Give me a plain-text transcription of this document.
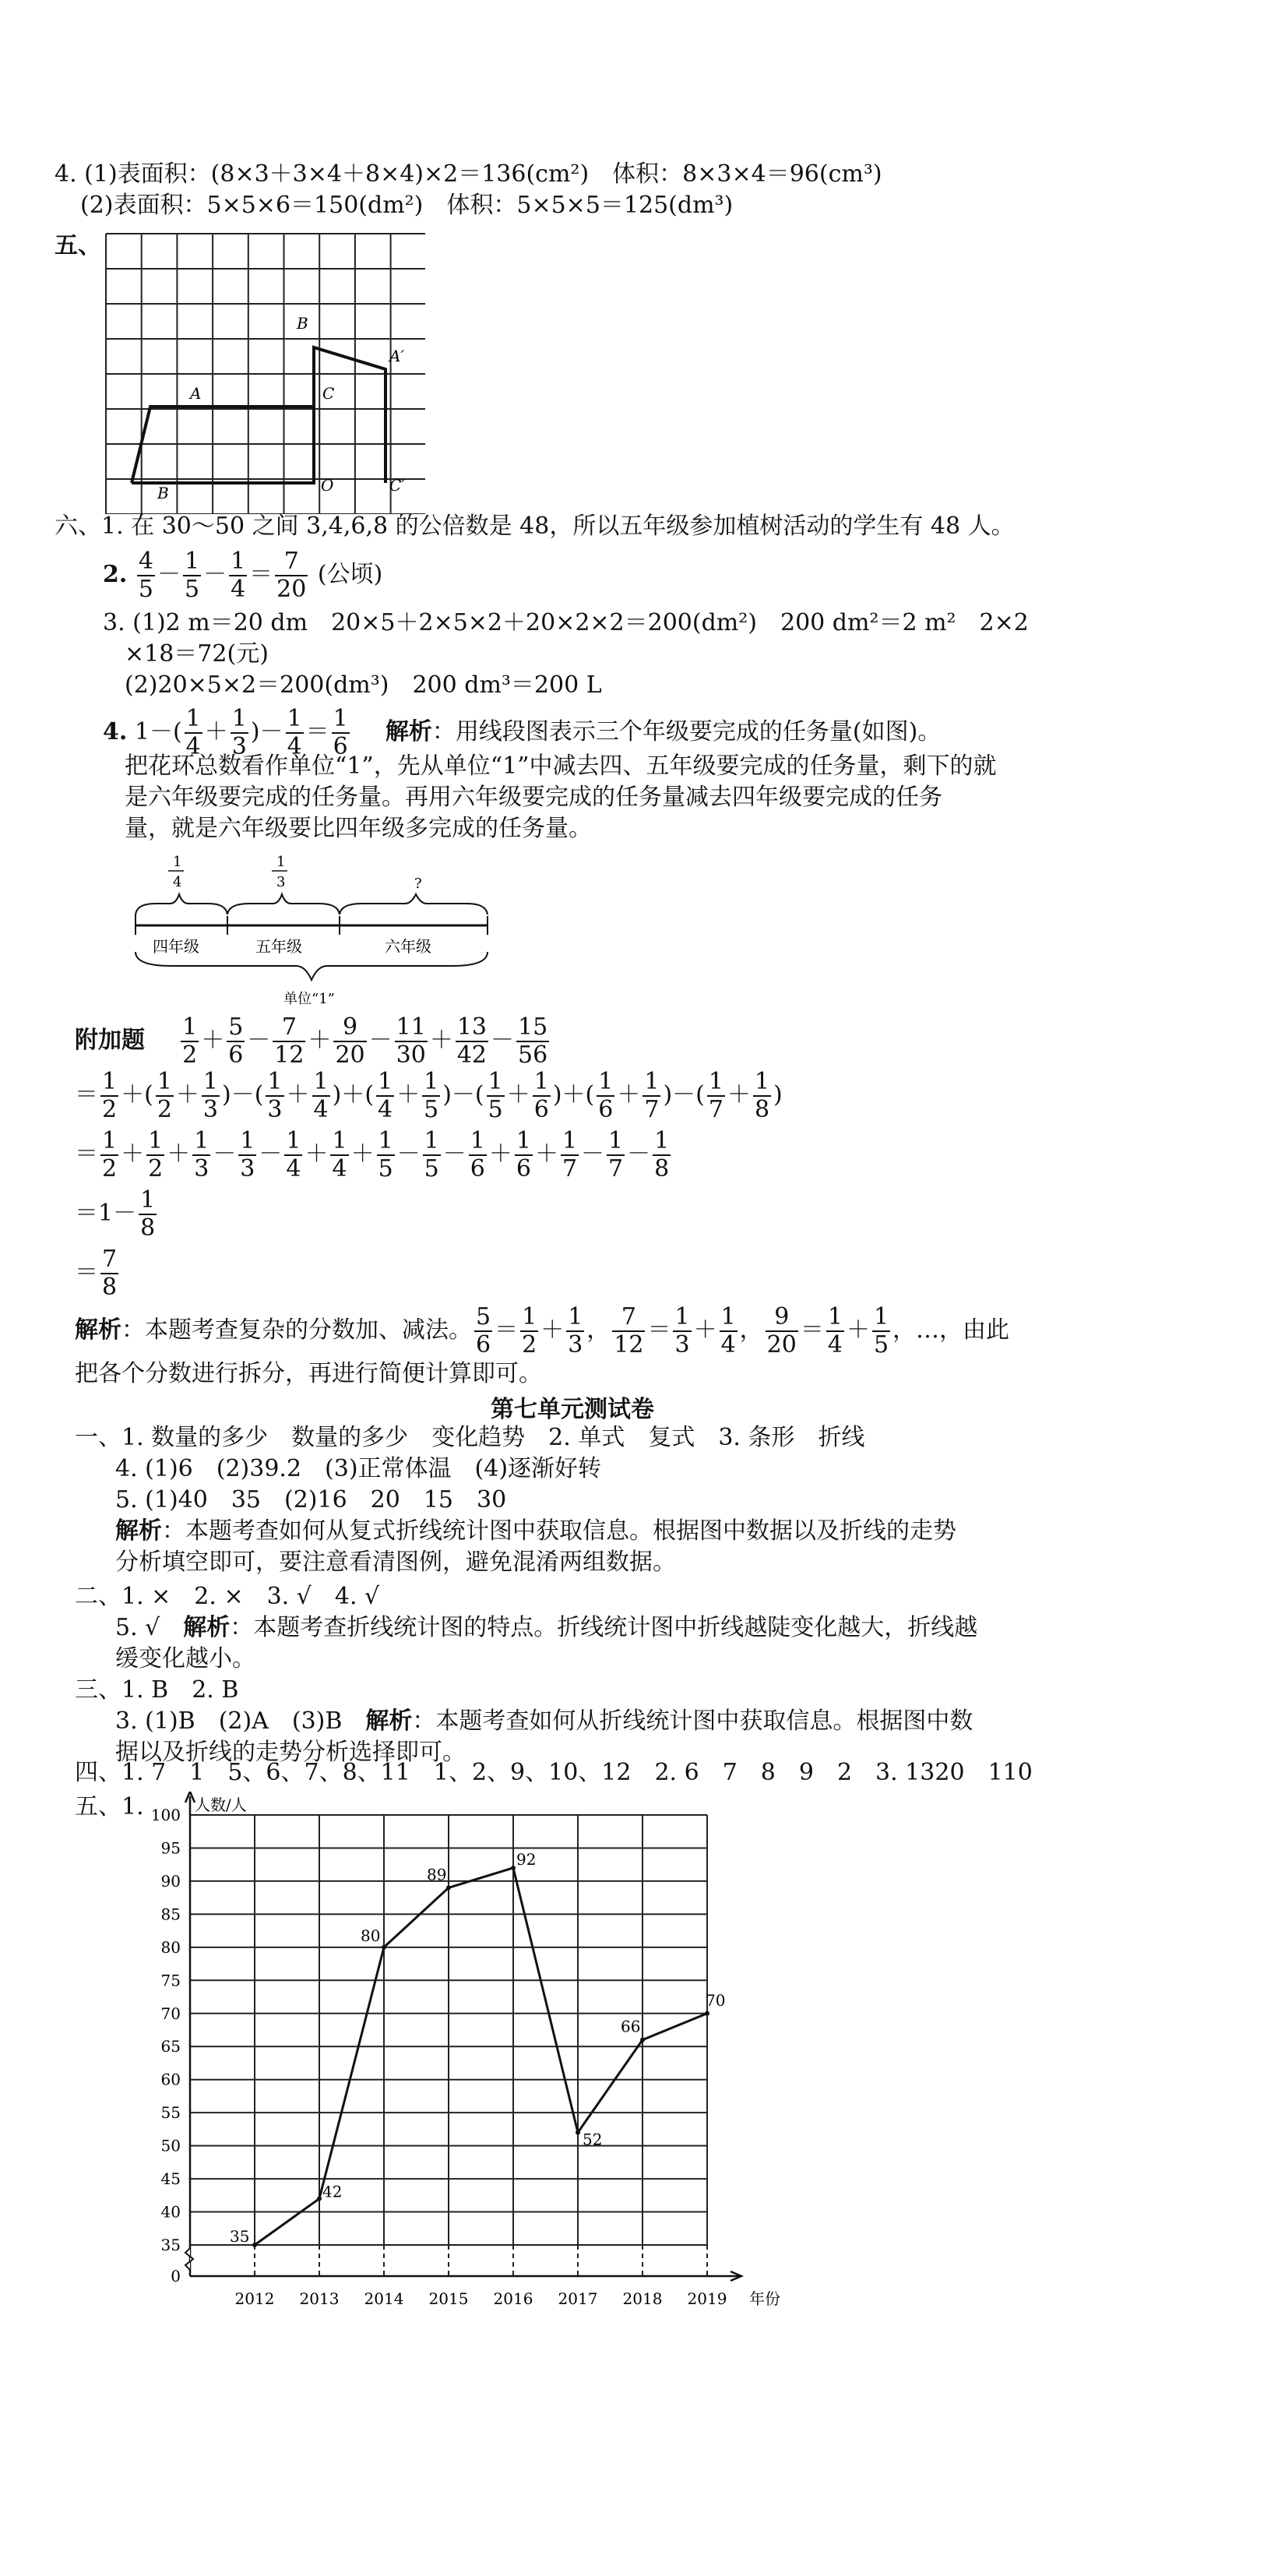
4. (1)表面积：(8×3＋3×4＋8×4)×2＝136(cm²)　体积：8×3×4＝96(cm³)
(2)表面积：5×5×6＝150(dm²)　体积：5×5×5＝125(dm³)
五、
B
A′
A	C
B	O	C′
六、1. 在 30～50 之间 3,4,6,8 的公倍数是 48，所以五年级参加植树活动的学生有 48 人。
2. $\frac{4}{5} - \frac{1}{5} - \frac{1}{4} = \frac{7}{20}$ (公顷)
3. (1)2 m＝20 dm　20×5＋2×5×2＋20×2×2＝200(dm²)　200 dm²＝2 m²　2×2
×18＝72(元)
(2)20×5×2＝200(dm³)　200 dm³＝200 L
4. $1-( \frac{1}{4} + \frac{1}{3}$ )－ $\frac{1}{4} = \frac{1}{6}$ 解析：用线段图表示三个年级要完成的任务量(如图)。
把花环总数看作单位“1”，先从单位“1”中减去四、五年级要完成的任务量，剩下的就
是六年级要完成的任务量。再用六年级要完成的任务量减去四年级要完成的任务
量，就是六年级要比四年级多完成的任务量。
1
4
1
3	?
四年级	五年级	六年级
单位“1”
附加题 $\frac{1}{2} + \frac{5}{6} - \frac{7}{12} + \frac{9}{20} - \frac{11}{30} + \frac{13}{42} - \frac{15}{56}$
＝ $\frac{1}{2}$ ＋( $\frac{1}{2} + \frac{1}{3}$ )－( $\frac{1}{3} + \frac{1}{4}$ )＋( $\frac{1}{4} + \frac{1}{5}$ )－( $\frac{1}{5} + \frac{1}{6}$ )＋( $\frac{1}{6} + \frac{1}{7}$ )－( $\frac{1}{7} + \frac{1}{8}$ )
＝ $\frac{1}{2} + \frac{1}{2} + \frac{1}{3} - \frac{1}{3} - \frac{1}{4} + \frac{1}{4} + \frac{1}{5} - \frac{1}{5} - \frac{1}{6} + \frac{1}{6} + \frac{1}{7} - \frac{1}{7} - \frac{1}{8}$
$=1- \frac{1}{8}$
＝ $\frac{7}{8}$
解析：本题考查复杂的分数加、减法。 $\frac{5}{6} = \frac{1}{2} + \frac{1}{3}$ ， $\frac{7}{12} = \frac{1}{3} + \frac{1}{4}$ ， $\frac{9}{20} = \frac{1}{4} + \frac{1}{5}$ ，…，由此
把各个分数进行拆分，再进行简便计算即可。
第七单元测试卷
一、1. 数量的多少　数量的多少　变化趋势　2. 单式　复式　3. 条形　折线
4. (1)6　(2)39.2　(3)正常体温　(4)逐渐好转
5. (1)40　35　(2)16　20　15　30
解析：本题考查如何从复式折线统计图中获取信息。根据图中数据以及折线的走势
分析填空即可，要注意看清图例，避免混淆两组数据。
二、1. ×　2. ×　3. √　4. √
5. √　解析：本题考查折线统计图的特点。折线统计图中折线越陡变化越大，折线越
缓变化越小。
三、1. B　2. B
3. (1)B　(2)A　(3)B　解析：本题考查如何从折线统计图中获取信息。根据图中数
据以及折线的走势分析选择即可。
四、1. 7　1　5、6、7、8、11　1、2、9、10、12　2. 6　7　8　9　2　3. 1320　110
五、1.
0
35
40
45
50
55
60
65
70
75
80
85
90
95
100
2012 2013 2014 2015 2016 2017 2018 2019
人数/人
年份
35
42
80
89
92
52
66
70
